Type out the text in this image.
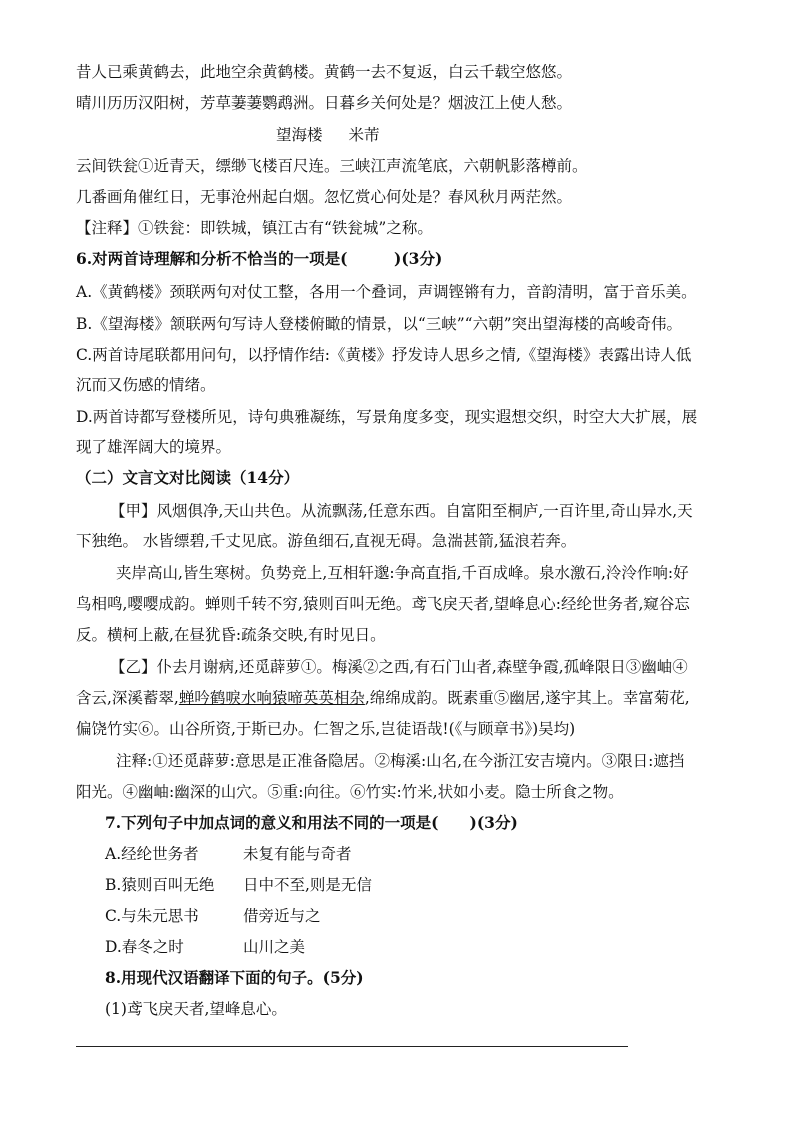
昔人已乘黄鹤去，此地空余黄鹤楼。黄鹤一去不复返，白云千载空悠悠。
晴川历历汉阳树，芳草萋萋鹦鹉洲。日暮乡关何处是？烟波江上使人愁。
望海楼 米芾
云间铁瓮①近青天，缥缈飞楼百尺连。三峡江声流笔底，六朝帆影落樽前。
几番画角催红日，无事沧州起白烟。忽忆赏心何处是？春风秋月两茫然。
【注释】①铁瓮：即铁城，镇江古有“铁瓮城”之称。
6.对两首诗理解和分析不恰当的一项是(　　　)(3分)
A.《黄鹤楼》颈联两句对仗工整，各用一个叠词，声调铿锵有力，音韵清明，富于音乐美。
B.《望海楼》颔联两句写诗人登楼俯瞰的情景，以“三峡”“六朝”突出望海楼的高峻奇伟。
C.两首诗尾联都用问句，以抒情作结:《黄楼》抒发诗人思乡之情,《望海楼》表露出诗人低
沉而又伤感的情绪。
D.两首诗都写登楼所见，诗句典雅凝练，写景角度多变，现实遐想交织，时空大大扩展，展
现了雄浑阔大的境界。
（二）文言文对比阅读（14分）
【甲】风烟俱净,天山共色。从流飘荡,任意东西。自富阳至桐庐,一百许里,奇山异水,天
下独绝。 水皆缥碧,千丈见底。游鱼细石,直视无碍。急湍甚箭,猛浪若奔。
夹岸高山,皆生寒树。负势竞上,互相轩邈:争高直指,千百成峰。泉水激石,泠泠作响:好
鸟相鸣,嘤嘤成韵。蝉则千转不穷,猿则百叫无绝。鸢飞戾天者,望峰息心:经纶世务者,窥谷忘
反。横柯上蔽,在昼犹昏:疏条交映,有时见日。
【乙】仆去月谢病,还觅薜萝①。梅溪②之西,有石门山者,森壁争霞,孤峰限日③幽岫④
含云,深溪蓄翠,蝉吟鹤唳水响猿啼英英相杂,绵绵成韵。既素重⑤幽居,遂宇其上。幸富菊花,
偏饶竹实⑥。山谷所资,于斯已办。仁智之乐,岂徒语哉!(《与顾章书》)吴均)
注释:①还觅薜萝:意思是正准备隐居。②梅溪:山名,在今浙江安吉境内。③限日:遮挡
阳光。④幽岫:幽深的山穴。⑤重:向往。⑥竹实:竹米,状如小麦。隐士所食之物。
7.下列句子中加点词的意义和用法不同的一项是(　　)(3分)
A.经纶世务者	未复有能与奇者
B.猿则百叫无绝 日中不至,则是无信
C.与朱元思书	借旁近与之
D.春冬之时	山川之美
8.用现代汉语翻译下面的句子。(5分)
(1)鸢飞戾天者,望峰息心。
